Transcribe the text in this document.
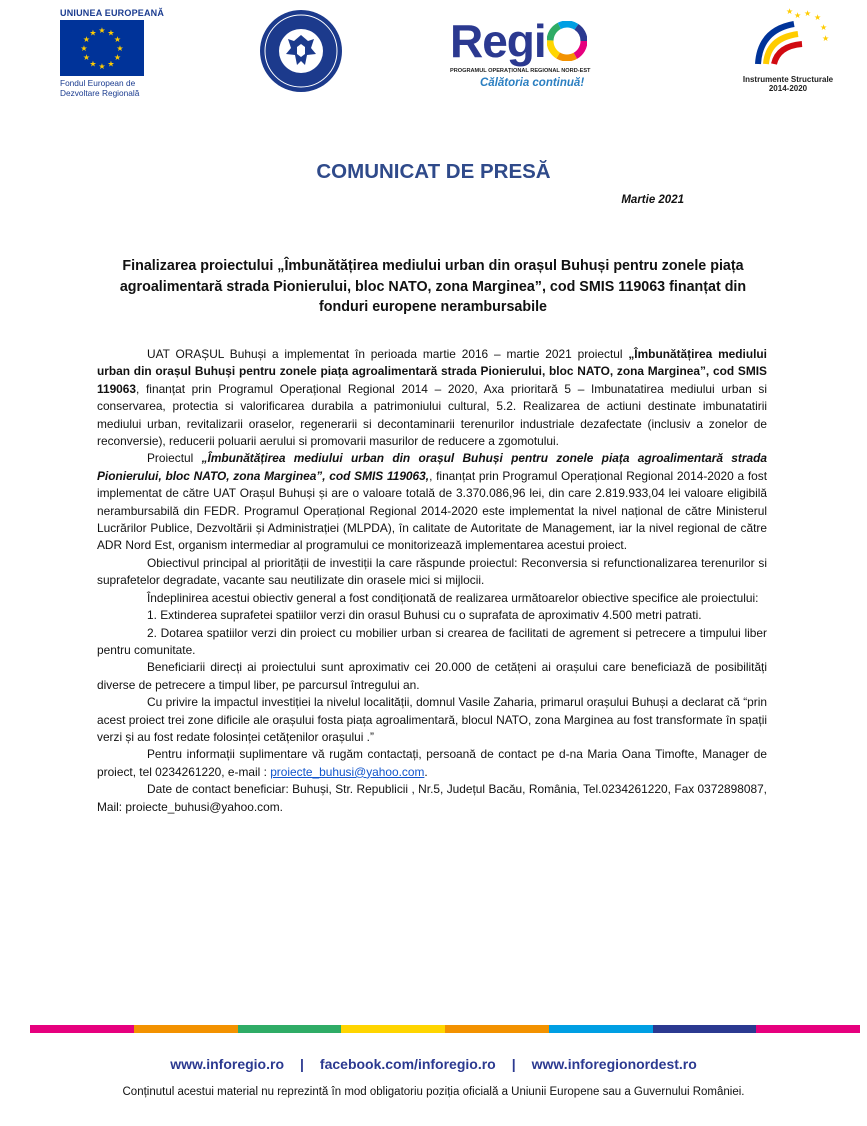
UNIUNEA EUROPEANĂ
★ ★
★
★
★
★
★
★
★
★
★
★
Fondul European de
Dezvoltare Regională
Regi
PROGRAMUL OPERAȚIONAL REGIONAL NORD-EST
Călătoria continuă!
★ ★ ★
★
★
★
Instrumente Structurale
2014-2020
COMUNICAT DE PRESĂ
Martie 2021
Finalizarea proiectului „Îmbunătățirea mediului urban din orașul Buhuși pentru zonele piața agroalimentară strada Pionierului, bloc NATO, zona Marginea”, cod SMIS 119063 finanțat din fonduri europene nerambursabile

UAT ORAȘUL Buhuși a implementat în perioada martie 2016 – martie 2021 proiectul „Îmbunătățirea mediului urban din orașul Buhuși pentru zonele piața agroalimentară strada Pionierului, bloc NATO, zona Marginea”, cod SMIS 119063, finanțat prin Programul Operațional Regional 2014 – 2020, Axa prioritară 5 – Imbunatatirea mediului urban si conservarea, protectia si valorificarea durabila a patrimoniului cultural, 5.2. Realizarea de actiuni destinate imbunatatirii mediului urban, revitalizarii oraselor, regenerarii si decontaminarii terenurilor industriale dezafectate (inclusiv a zonelor de reconversie), reducerii poluarii aerului si promovarii masurilor de reducere a zgomotului.

Proiectul „Îmbunătățirea mediului urban din orașul Buhuși pentru zonele piața agroalimentară strada Pionierului, bloc NATO, zona Marginea”, cod SMIS 119063,, finanțat prin Programul Operațional Regional 2014-2020 a fost implementat de către UAT Orașul Buhuși și are o valoare totală de 3.370.086,96 lei, din care 2.819.933,04 lei valoare eligibilă nerambursabilă din FEDR. Programul Operațional Regional 2014-2020 este implementat la nivel național de către Ministerul Lucrărilor Publice, Dezvoltării și Administrației (MLPDA), în calitate de Autoritate de Management, iar la nivel regional de către ADR Nord Est, organism intermediar al programului ce monitorizează implementarea acestui proiect.

Obiectivul principal al priorității de investiții la care răspunde proiectul: Reconversia si refunctionalizarea terenurilor si suprafetelor degradate, vacante sau neutilizate din orasele mici si mijlocii.

Îndeplinirea acestui obiectiv general a fost condiționată de realizarea următoarelor obiective specifice ale proiectului:

1. Extinderea suprafetei spatiilor verzi din orasul Buhusi cu o suprafata de aproximativ 4.500 metri patrati.

2. Dotarea spatiilor verzi din proiect cu mobilier urban si crearea de facilitati de agrement si petrecere a timpului liber pentru comunitate.

Beneficiarii direcți ai proiectului sunt aproximativ cei 20.000 de cetățeni ai orașului care beneficiază de posibilități diverse de petrecere a timpul liber, pe parcursul întregului an.

Cu privire la impactul investiției la nivelul localității, domnul Vasile Zaharia, primarul orașului Buhuși a declarat că “prin acest proiect trei zone dificile ale orașului fosta piața agroalimentară, blocul NATO, zona Marginea au fost transformate în spații verzi și au fost redate folosinței cetățenilor orașului .”

Pentru informații suplimentare vă rugăm contactați, persoană de contact pe d-na Maria Oana Timofte, Manager de proiect, tel 0234261220, e-mail : proiecte_buhusi@yahoo.com.

Date de contact beneficiar: Buhuși, Str. Republicii , Nr.5, Județul Bacău, România, Tel.0234261220, Fax 0372898087, Mail: proiecte_buhusi@yahoo.com.

www.inforegio.ro | facebook.com/inforegio.ro | www.inforegionordest.ro
Conținutul acestui material nu reprezintă în mod obligatoriu poziția oficială a Uniunii Europene sau a Guvernului României.
